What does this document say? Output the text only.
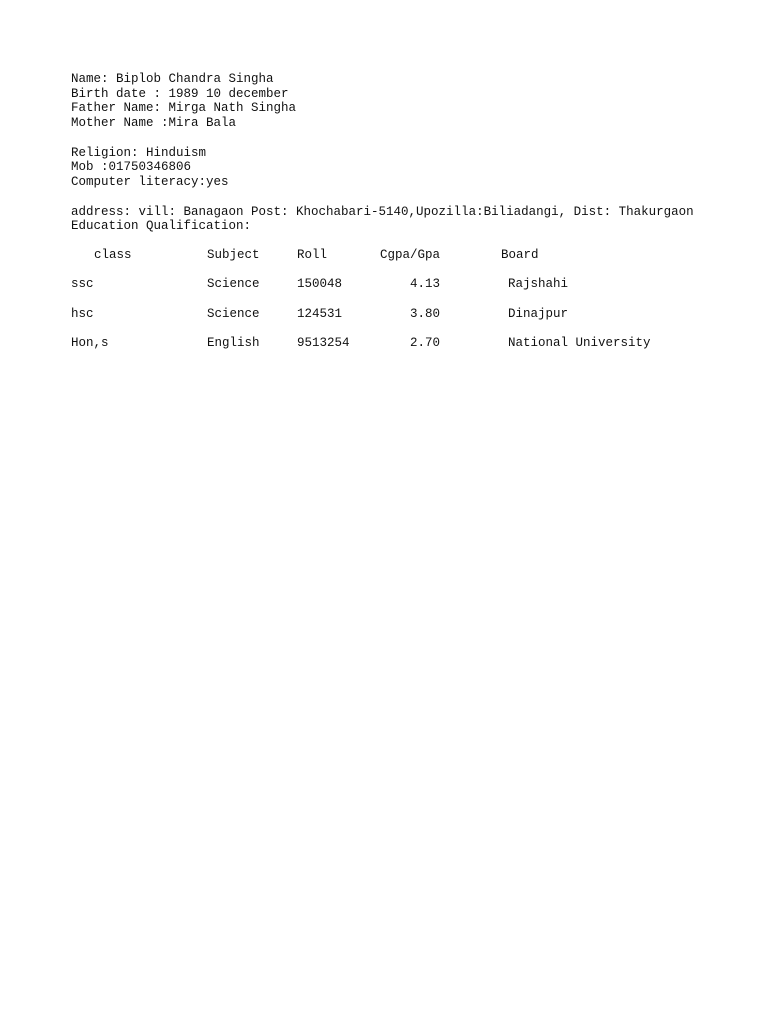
Name: Biplob Chandra Singha
Birth date : 1989 10 december
Father Name: Mirga Nath Singha
Mother Name :Mira Bala
Religion: Hinduism
Mob :01750346806
Computer literacy:yes
address: vill: Banagaon Post: Khochabari-5140,Upozilla:Biliadangi, Dist: Thakurgaon
Education Qualification:
class	Subject	Roll	Cgpa/Gpa	Board
ssc	Science	150048	4.13	Rajshahi
hsc	Science	124531	3.80	Dinajpur
Hon,s	English	9513254	2.70	National University
